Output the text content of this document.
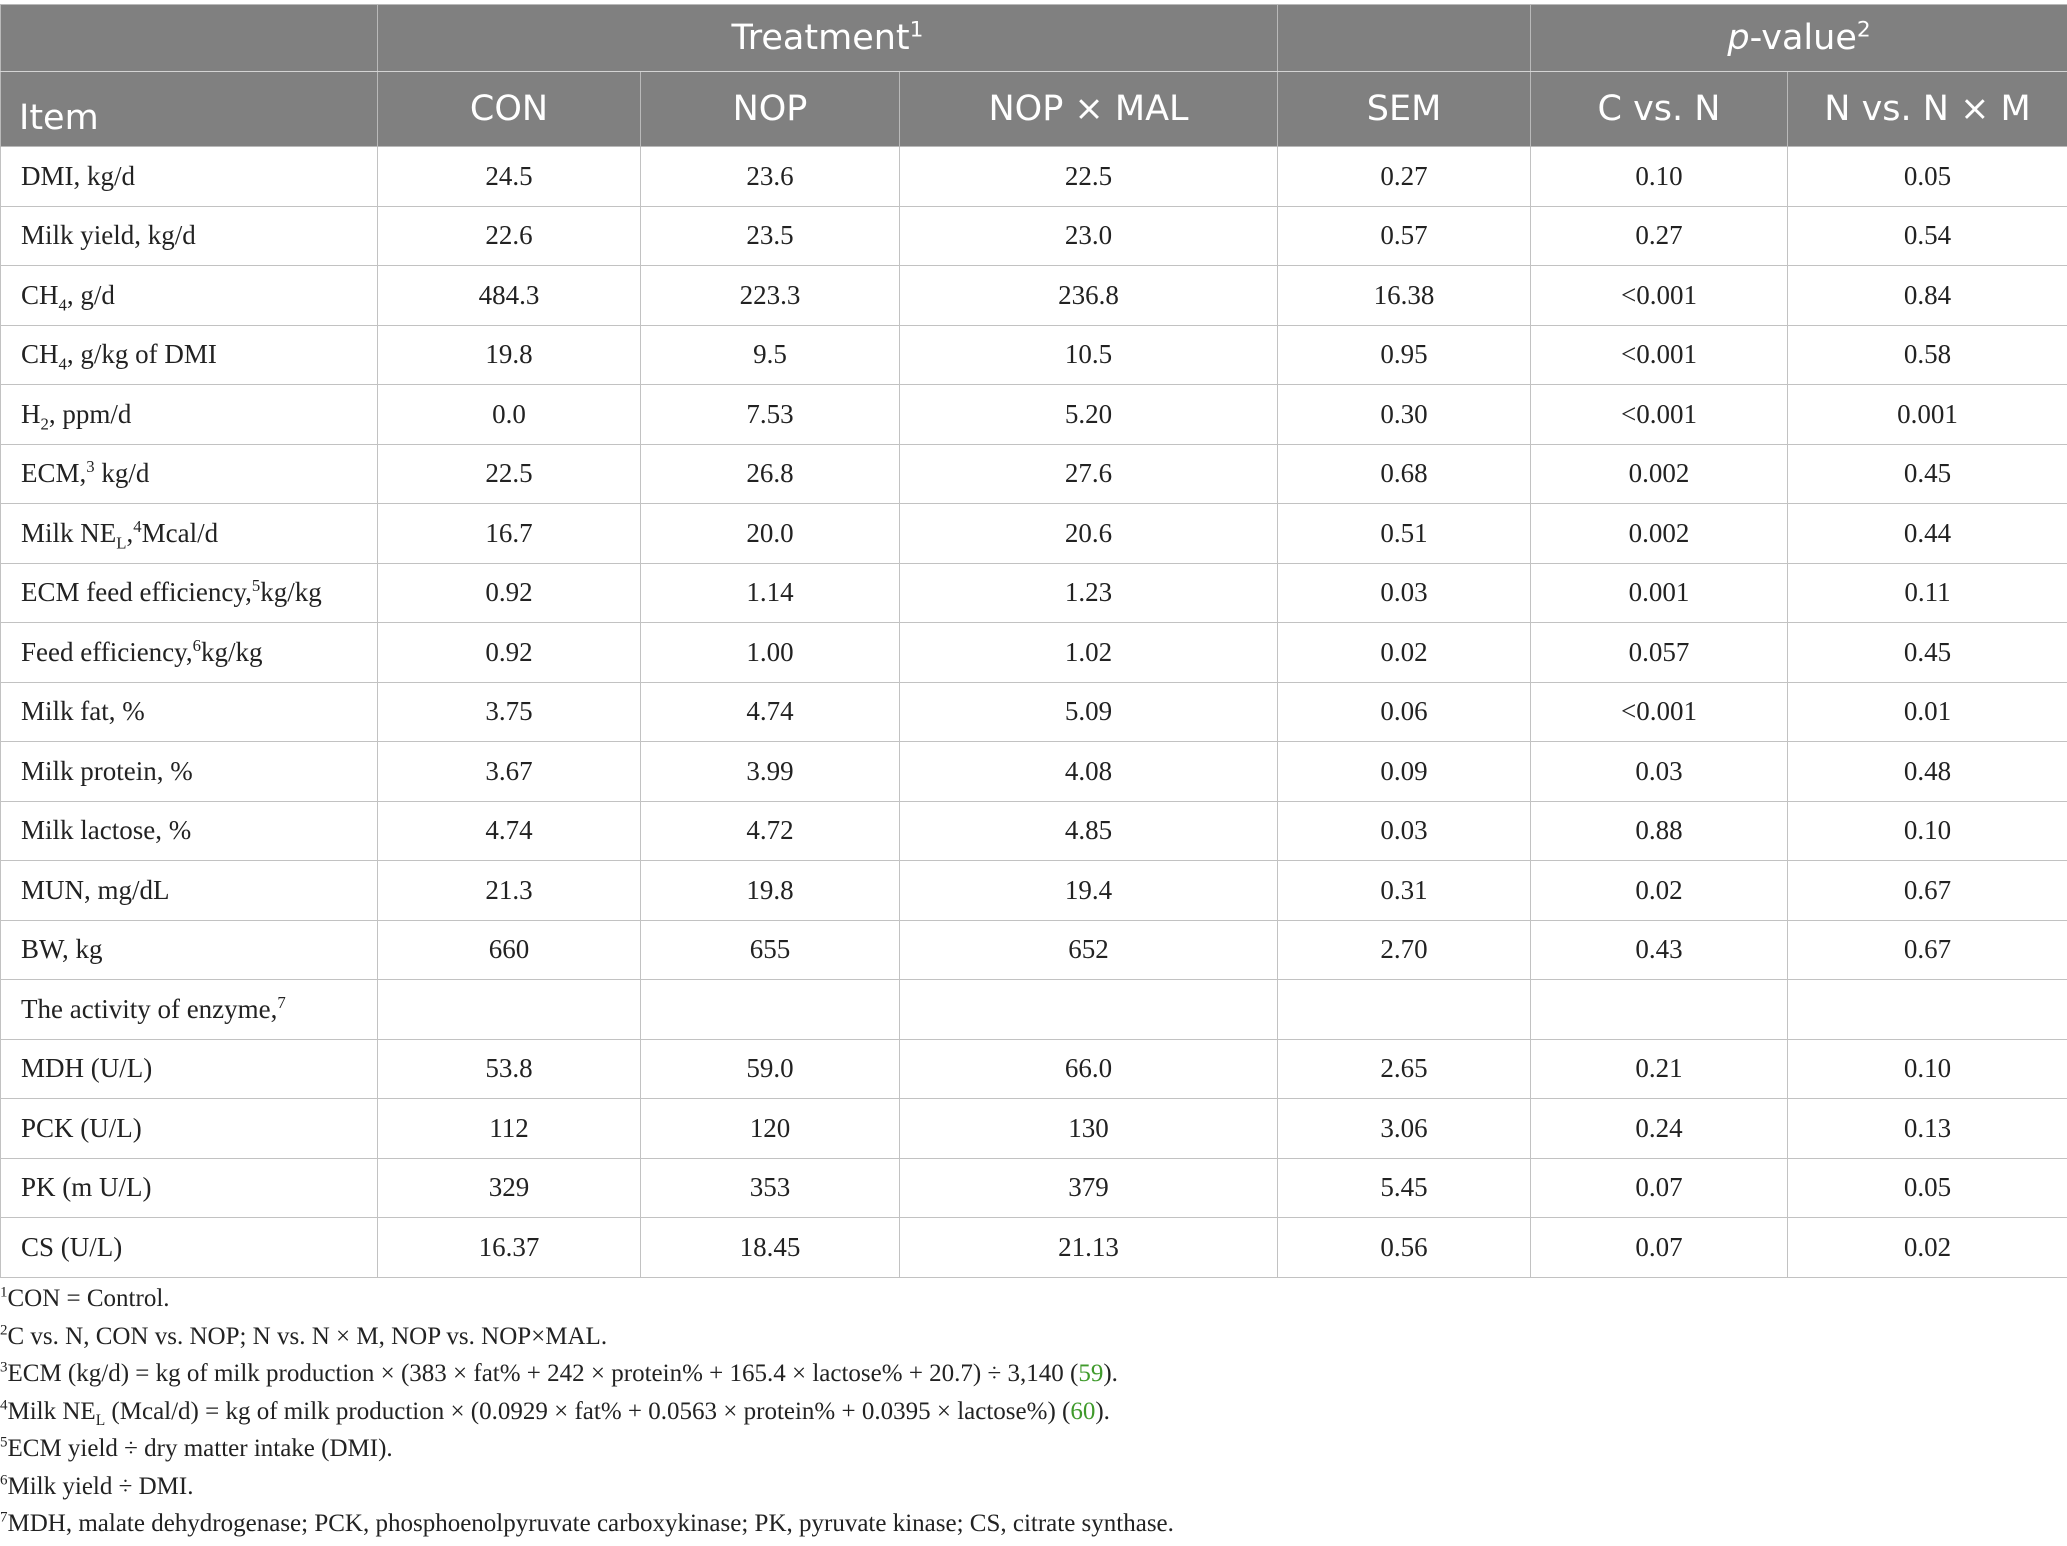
	Treatment$^1$				p-value$^2$
Item	CON	NOP	NOP × MAL	SEM	C vs. N	N vs. N × M
DMI, kg/d	24.5	23.6	22.5	0.27	0.10	0.05
Milk yield, kg/d	22.6	23.5	23.0	0.57	0.27	0.54
$CH_4$, g/d	484.3	223.3	236.8	16.38	<0.001	0.84
$CH_4$, g/kg of DMI	19.8	9.5	10.5	0.95	<0.001	0.58
$H_2$, ppm/d	0.0	7.53	5.20	0.30	<0.001	0.001
ECM,$^3$ kg/d	22.5	26.8	27.6	0.68	0.002	0.45
Milk $NE_L,^4Mcal/d$	16.7	20.0	20.6	0.51	0.002	0.44
ECM feed efficiency,$^5$kg/kg	0.92	1.14	1.23	0.03	0.001	0.11
Feed efficiency,$^6$kg/kg	0.92	1.00	1.02	0.02	0.057	0.45
Milk fat, %	3.75	4.74	5.09	0.06	<0.001	0.01
Milk protein, %	3.67	3.99	4.08	0.09	0.03	0.48
Milk lactose, %	4.74	4.72	4.85	0.03	0.88	0.10
MUN, mg/dL	21.3	19.8	19.4	0.31	0.02	0.67
BW, kg	660	655	652	2.70	0.43	0.67
The activity of enzyme,$^7$						
MDH (U/L)	53.8	59.0	66.0	2.65	0.21	0.10
PCK (U/L)	112	120	130	3.06	0.24	0.13
PK (m U/L)	329	353	379	5.45	0.07	0.05
CS (U/L)	16.37	18.45	21.13	0.56	0.07	0.02
$^1$CON = Control.
$^2$C vs. N, CON vs. NOP; N vs. N × M, NOP vs. NOP×MAL.
$^3$ECM (kg/d) = kg of milk production × (383 × fat% + 242 × protein% + 165.4 × lactose% + 20.7) ÷ 3,140 (59).
$^4$Milk $NE_L$ (Mcal/d) = kg of milk production × (0.0929 × fat% + 0.0563 × protein% + 0.0395 × lactose%) (60).
$^5$ECM yield ÷ dry matter intake (DMI).
$^6$Milk yield ÷ DMI.
$^7$MDH, malate dehydrogenase; PCK, phosphoenolpyruvate carboxykinase; PK, pyruvate kinase; CS, citrate synthase.
